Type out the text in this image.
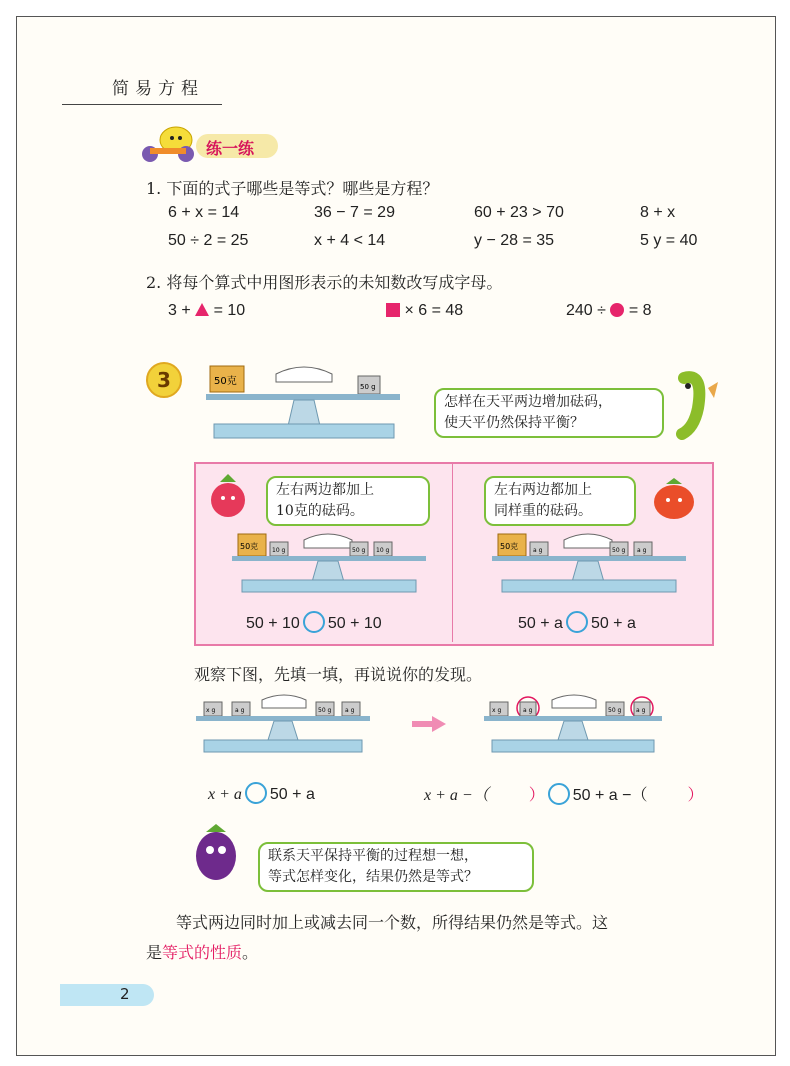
简易方程
练一练
1. 下面的式子哪些是等式？哪些是方程？
6 + x = 14	36 − 7 = 29	60 + 23 > 70	8 + x
50 ÷ 2 = 25	x + 4 < 14	y − 28 = 35	5 y = 40
2. 将每个算式中用图形表示的未知数改写成字母。
3 +  = 10	× 6 = 48	240 ÷  = 8
3	50克	50 g
怎样在天平两边增加砝码，
使天平仍然保持平衡？
左右两边都加上
10克的砝码。
50克 10 g	50 g 10 g
50 + 10 50 + 10
左右两边都加上
同样重的砝码。
50克 a g	50 g a g
50 + a 50 + a
观察下图，先填一填，再说说你的发现。
x g	a g	50 g a g	x g	a g	50 g a g
x + a 50 + a	x + a −（	） 50 + a −（	）
联系天平保持平衡的过程想一想，
等式怎样变化，结果仍然是等式？
等式两边同时加上或减去同一个数，所得结果仍然是等式。这
是等式的性质。
2
